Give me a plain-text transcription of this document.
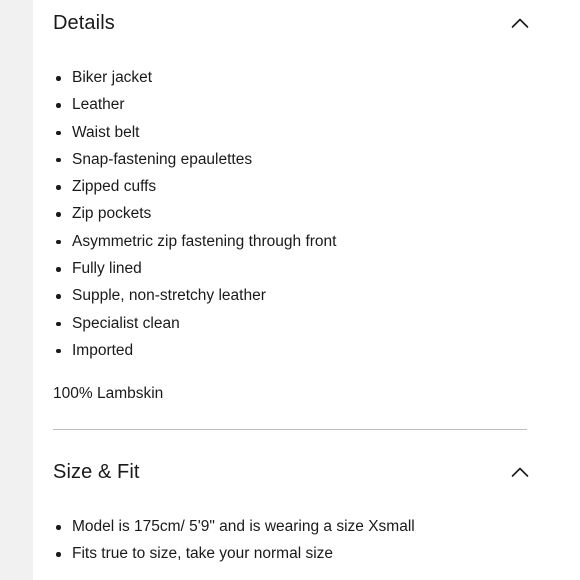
Details
Biker jacket
Leather
Waist belt
Snap-fastening epaulettes
Zipped cuffs
Zip pockets
Asymmetric zip fastening through front
Fully lined
Supple, non-stretchy leather
Specialist clean
Imported
100% Lambskin
Size & Fit
Model is 175cm/ 5'9" and is wearing a size Xsmall
Fits true to size, take your normal size
